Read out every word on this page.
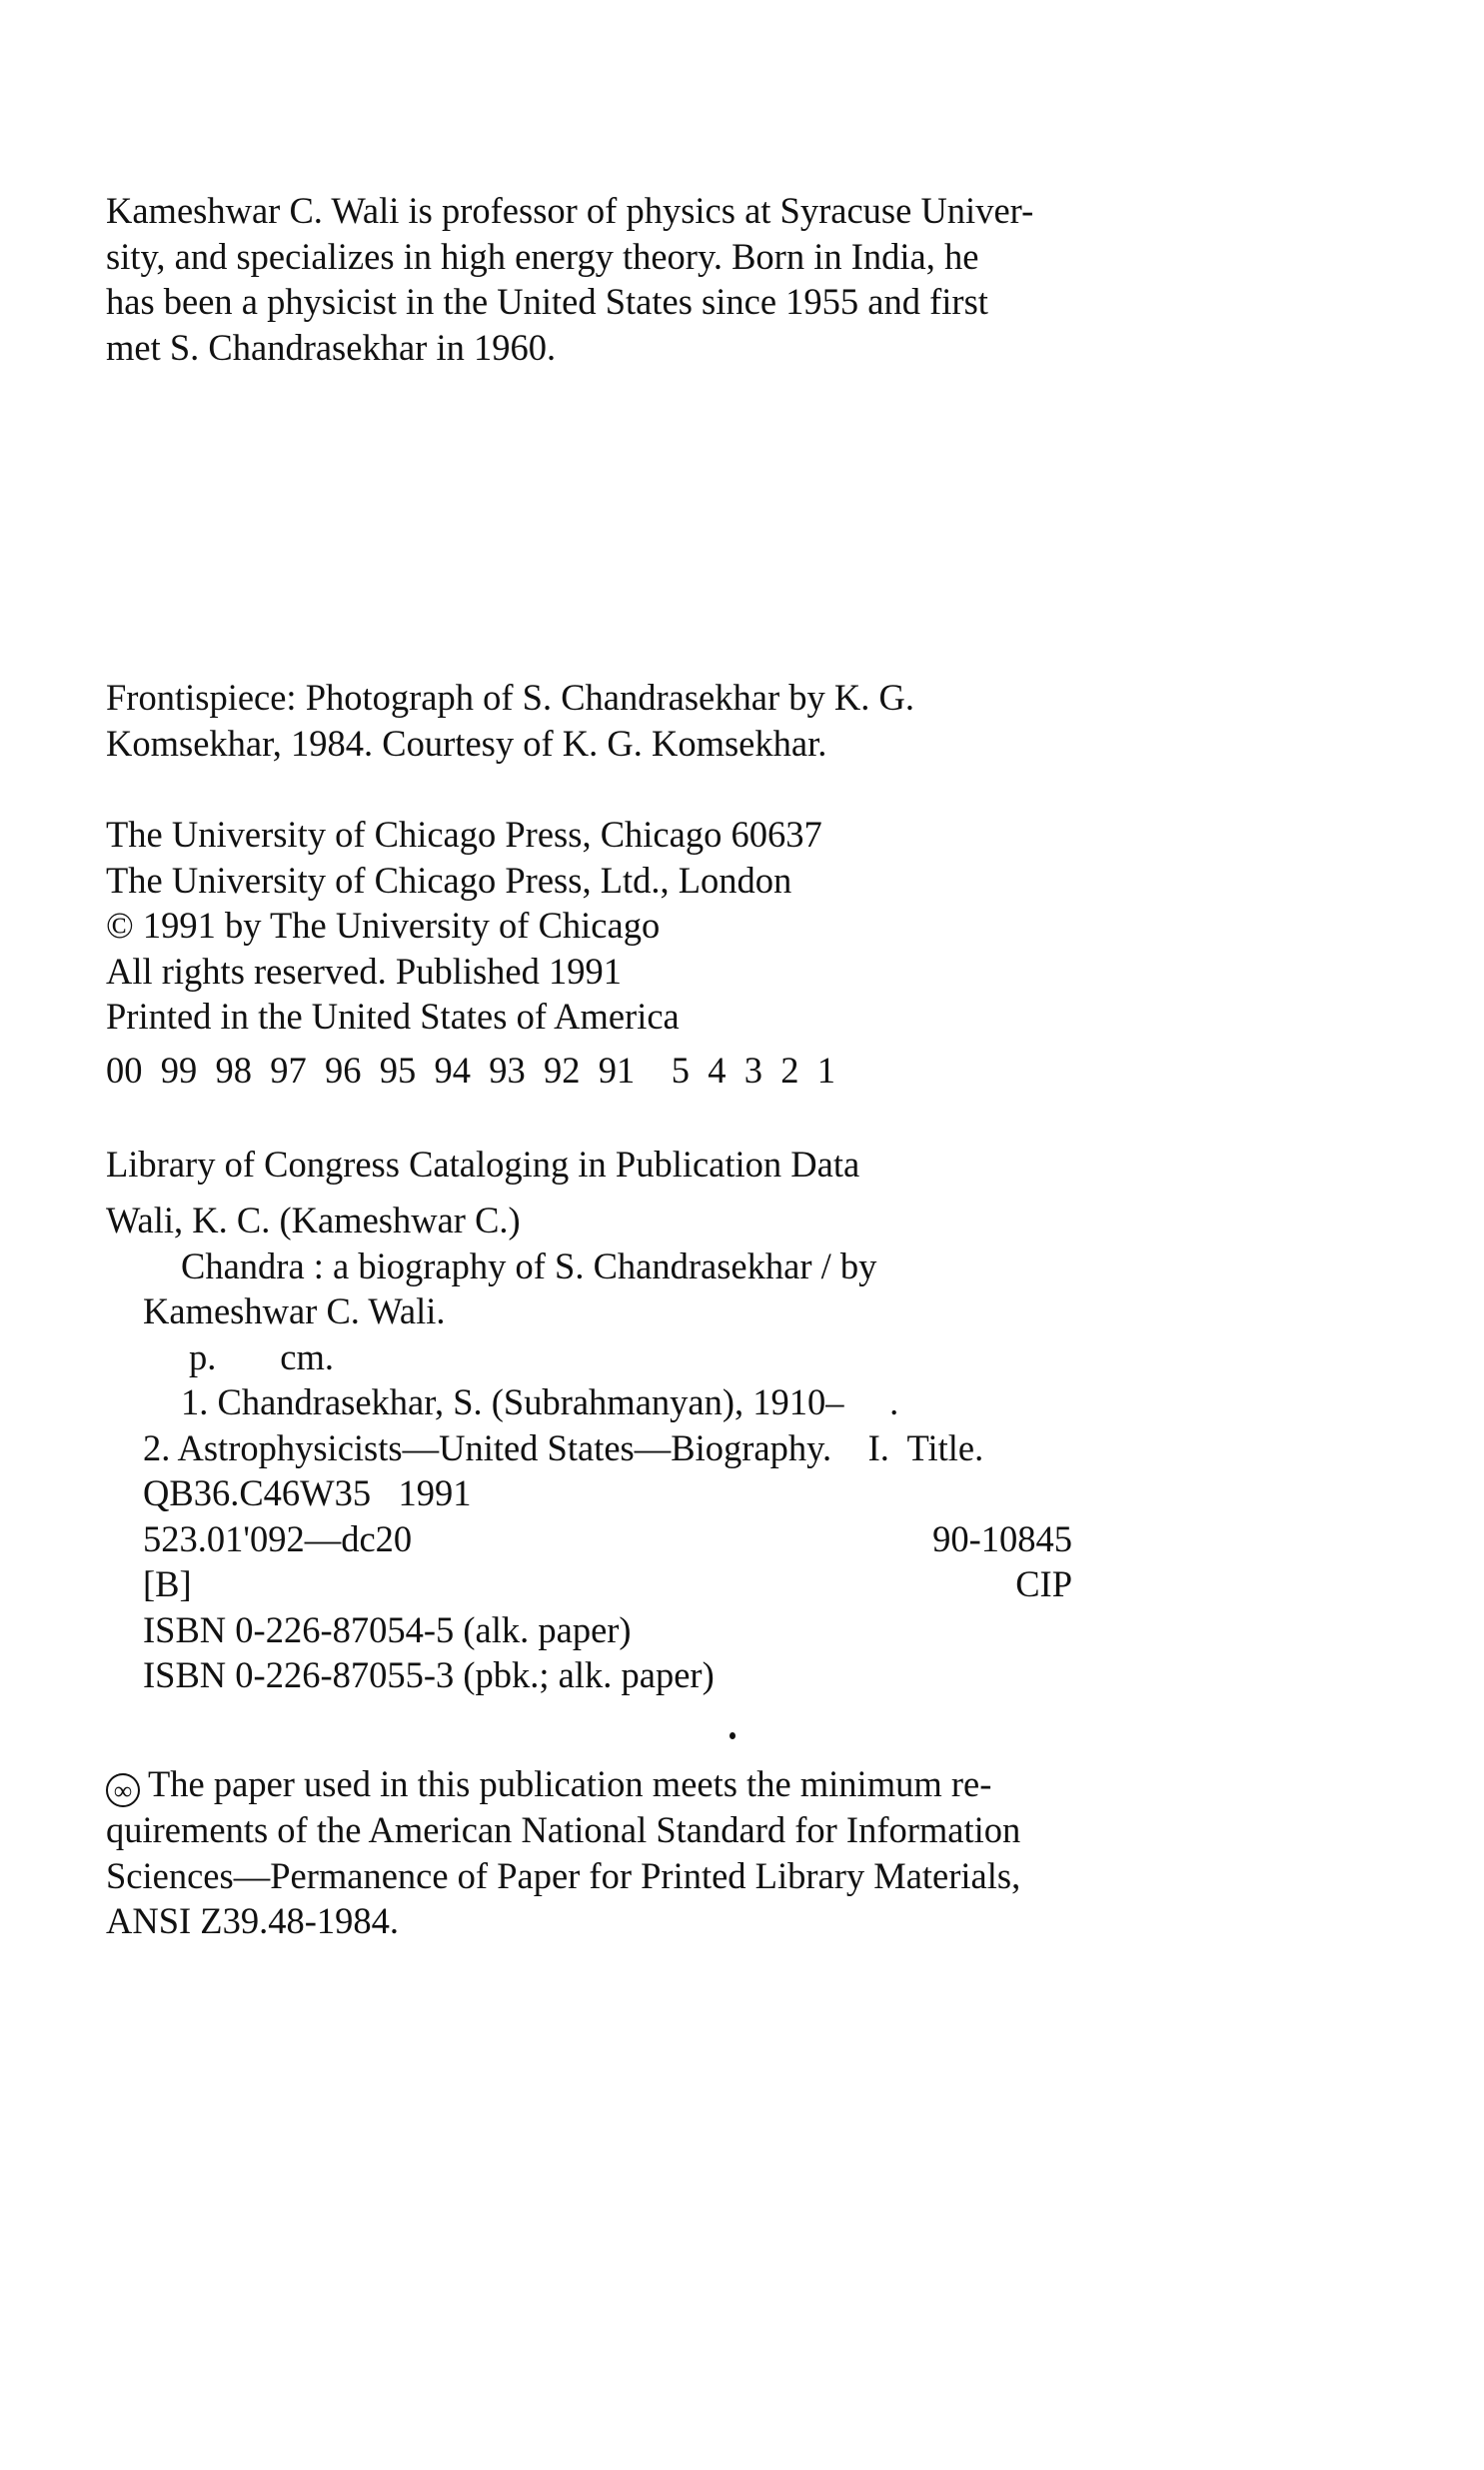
Kameshwar C. Wali is professor of physics at Syracuse Univer-
sity, and specializes in high energy theory. Born in India, he
has been a physicist in the United States since 1955 and first
met S. Chandrasekhar in 1960.
Frontispiece: Photograph of S. Chandrasekhar by K. G.
Komsekhar, 1984. Courtesy of K. G. Komsekhar.
The University of Chicago Press, Chicago 60637
The University of Chicago Press, Ltd., London
© 1991 by The University of Chicago
All rights reserved. Published 1991
Printed in the United States of America
00  99  98  97  96  95  94  93  92  91    5  4  3  2  1
Library of Congress Cataloging in Publication Data
Wali, K. C. (Kameshwar C.)
Chandra : a biography of S. Chandrasekhar / by
Kameshwar C. Wali.
p.       cm.
1. Chandrasekhar, S. (Subrahmanyan), 1910–     .
2. Astrophysicists—United States—Biography.    I.  Title.
QB36.C46W35   1991
523.01'092—dc20	90-10845
[B]	CIP
ISBN 0-226-87054-5 (alk. paper)
ISBN 0-226-87055-3 (pbk.; alk. paper)
∞ The paper used in this publication meets the minimum re-
quirements of the American National Standard for Information
Sciences—Permanence of Paper for Printed Library Materials,
ANSI Z39.48-1984.
